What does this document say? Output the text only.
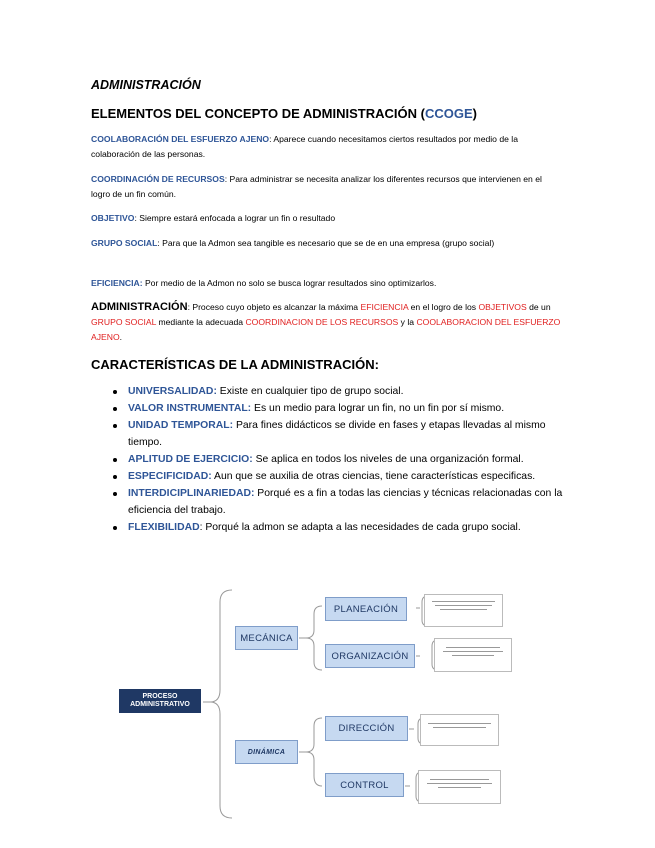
ADMINISTRACIÓN
ELEMENTOS DEL CONCEPTO DE ADMINISTRACIÓN (CCOGE)
COOLABORACIÓN DEL ESFUERZO AJENO: Aparece cuando necesitamos ciertos resultados por medio de la colaboración de las personas.
COORDINACIÓN DE RECURSOS: Para administrar se necesita analizar los diferentes recursos que intervienen en el logro de un fin común.
OBJETIVO: Siempre estará enfocada a lograr un fin o resultado
GRUPO SOCIAL: Para que la Admon sea tangible es necesario que se de en una empresa (grupo social)
EFICIENCIA: Por medio de la Admon no solo se busca lograr resultados sino optimizarlos.
ADMINISTRACIÓN: Proceso cuyo objeto es alcanzar la máxima EFICIENCIA en el logro de los OBJETIVOS de un GRUPO SOCIAL mediante la adecuada COORDINACION DE LOS RECURSOS y la COOLABORACION DEL ESFUERZO AJENO.
CARACTERÍSTICAS DE LA ADMINISTRACIÓN:
UNIVERSALIDAD: Existe en cualquier tipo de grupo social.
VALOR INSTRUMENTAL: Es un medio para lograr un fin, no un fin por sí mismo.
UNIDAD TEMPORAL: Para fines didácticos se divide en fases y etapas llevadas al mismo tiempo.
APLITUD DE EJERCICIO: Se aplica en todos los niveles de una organización formal.
ESPECIFICIDAD: Aun que se auxilia de otras ciencias, tiene características especificas.
INTERDICIPLINARIEDAD: Porqué es a fin a todas las ciencias y técnicas relacionadas con la eficiencia del trabajo.
FLEXIBILIDAD: Porqué la admon se adapta a las necesidades de cada grupo social.
PROCESO
ADMINISTRATIVO
MECÁNICA
DINÁMICA
PLANEACIÓN
ORGANIZACIÓN
DIRECCIÓN
CONTROL
